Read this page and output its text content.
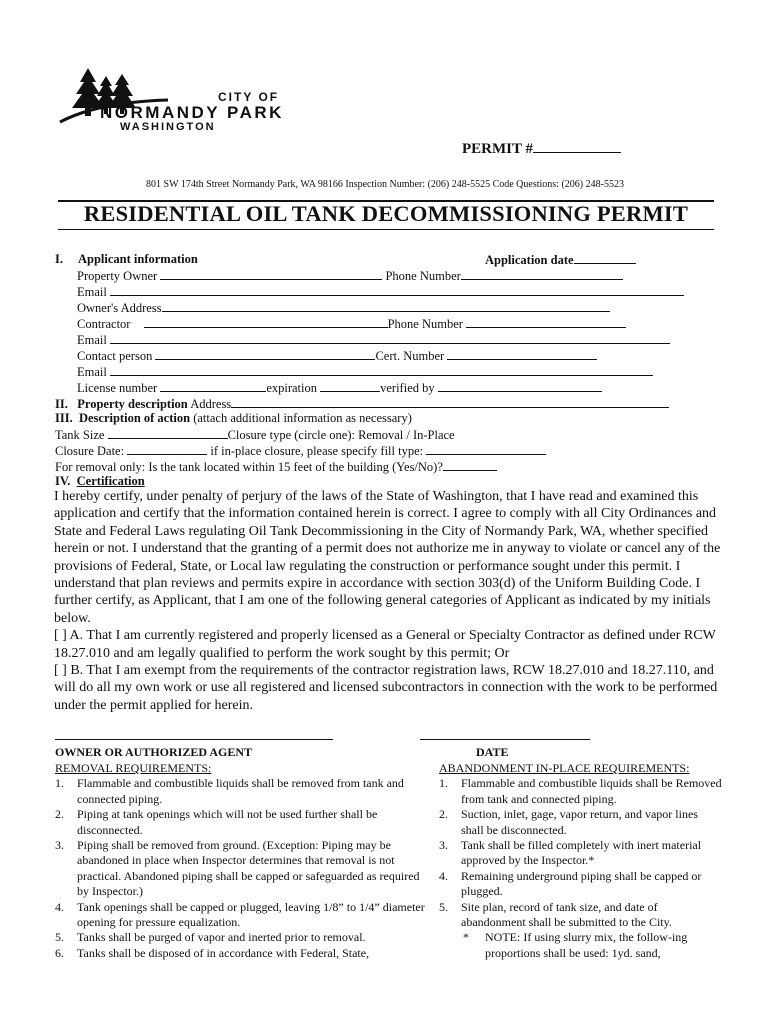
CITY OF
NORMANDY PARK
WASHINGTON
PERMIT #
801 SW 174th Street Normandy Park, WA 98166 Inspection Number: (206) 248-5525 Code Questions: (206) 248-5523
RESIDENTIAL OIL TANK DECOMMISSIONING PERMIT
I. Applicant information	Application date
Property Owner	Phone Number
Email
Owner's Address
Contractor	Phone Number
Email
Contact person	Cert. Number
Email
License number	expiration	verified by
II. Property description Address
III. Description of action (attach additional information as necessary)
Tank Size	Closure type (circle one): Removal / In-Place
Closure Date:	if in-place closure, please specify fill type:
For removal only: Is the tank located within 15 feet of the building (Yes/No)?
IV. Certification

I hereby certify, under penalty of perjury of the laws of the State of Washington, that I have read and examined this application and certify that the information contained herein is correct. I agree to comply with all City Ordinances and State and Federal Laws regulating Oil Tank Decommissioning in the City of Normandy Park, WA, whether specified herein or not. I understand that the granting of a permit does not authorize me in anyway to violate or cancel any of the provisions of Federal, State, or Local law regulating the construction or performance sought under this permit. I understand that plan reviews and permits expire in accordance with section 303(d) of the Uniform Building Code. I further certify, as Applicant, that I am one of the following general categories of Applicant as indicated by my initials below.

[ ] A. That I am currently registered and properly licensed as a General or Specialty Contractor as defined under RCW 18.27.010 and am legally qualified to perform the work sought by this permit; Or

[ ] B. That I am exempt from the requirements of the contractor registration laws, RCW 18.27.010 and 18.27.110, and will do all my own work or use all registered and licensed subcontractors in connection with the work to be performed under the permit applied for herein.

OWNER OR AUTHORIZED AGENT	DATE
REMOVAL REQUIREMENTS:
1. Flammable and combustible liquids shall be removed from tank and connected piping.
2. Piping at tank openings which will not be used further shall be disconnected.
3. Piping shall be removed from ground. (Exception: Piping may be abandoned in place when Inspector determines that removal is not practical. Abandoned piping shall be capped or safeguarded as required by Inspector.)
4. Tank openings shall be capped or plugged, leaving 1/8” to 1/4” diameter opening for pressure equalization.
5. Tanks shall be purged of vapor and inerted prior to removal.
6. Tanks shall be disposed of in accordance with Federal, State,
ABANDONMENT IN-PLACE REQUIREMENTS:
1. Flammable and combustible liquids shall be Removed from tank and connected piping.
2. Suction, inlet, gage, vapor return, and vapor lines shall be disconnected.
3. Tank shall be filled completely with inert material approved by the Inspector.*
4. Remaining underground piping shall be capped or plugged.
5. Site plan, record of tank size, and date of abandonment shall be submitted to the City.
* NOTE: If using slurry mix, the follow-ing proportions shall be used: 1yd. sand,
